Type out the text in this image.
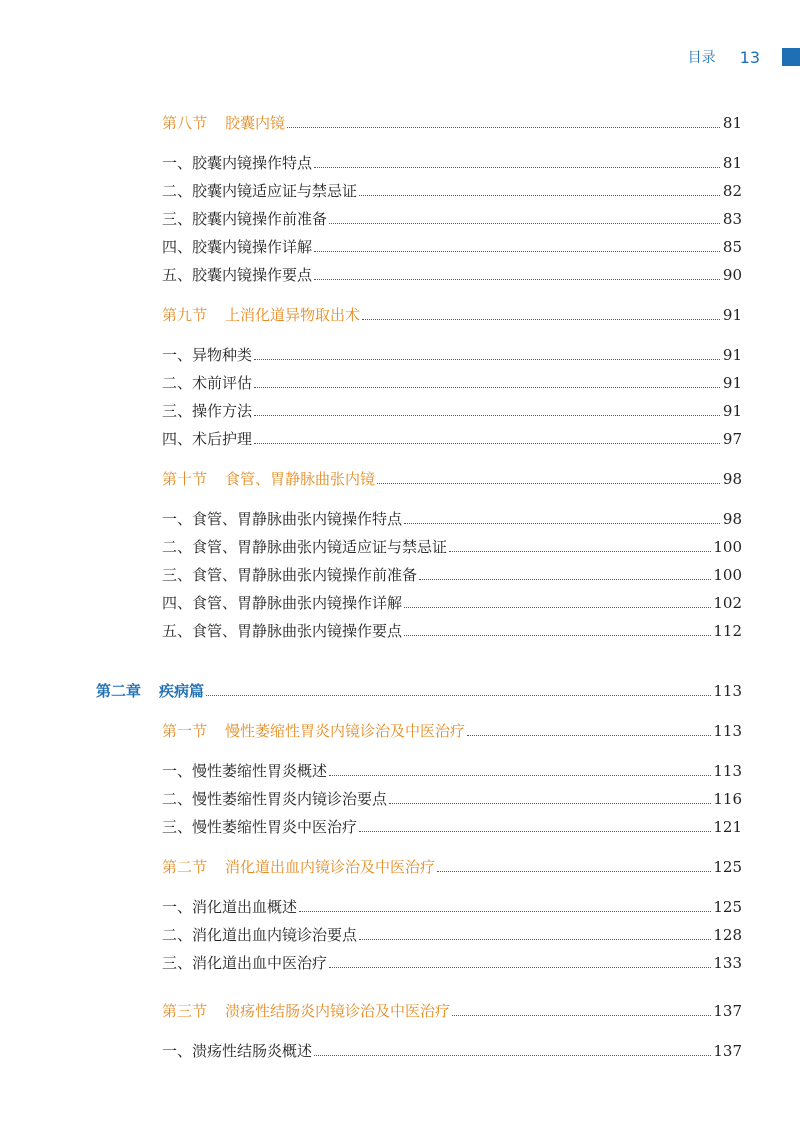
目录 13
第八节 胶囊内镜	81
一、胶囊内镜操作特点	81
二、胶囊内镜适应证与禁忌证	82
三、胶囊内镜操作前准备	83
四、胶囊内镜操作详解	85
五、胶囊内镜操作要点	90
第九节 上消化道异物取出术	91
一、异物种类	91
二、术前评估	91
三、操作方法	91
四、术后护理	97
第十节 食管、胃静脉曲张内镜	98
一、食管、胃静脉曲张内镜操作特点	98
二、食管、胃静脉曲张内镜适应证与禁忌证	100
三、食管、胃静脉曲张内镜操作前准备	100
四、食管、胃静脉曲张内镜操作详解	102
五、食管、胃静脉曲张内镜操作要点	112
第二章 疾病篇	113
第一节 慢性萎缩性胃炎内镜诊治及中医治疗	113
一、慢性萎缩性胃炎概述	113
二、慢性萎缩性胃炎内镜诊治要点	116
三、慢性萎缩性胃炎中医治疗	121
第二节 消化道出血内镜诊治及中医治疗	125
一、消化道出血概述	125
二、消化道出血内镜诊治要点	128
三、消化道出血中医治疗	133
第三节 溃疡性结肠炎内镜诊治及中医治疗	137
一、溃疡性结肠炎概述	137
